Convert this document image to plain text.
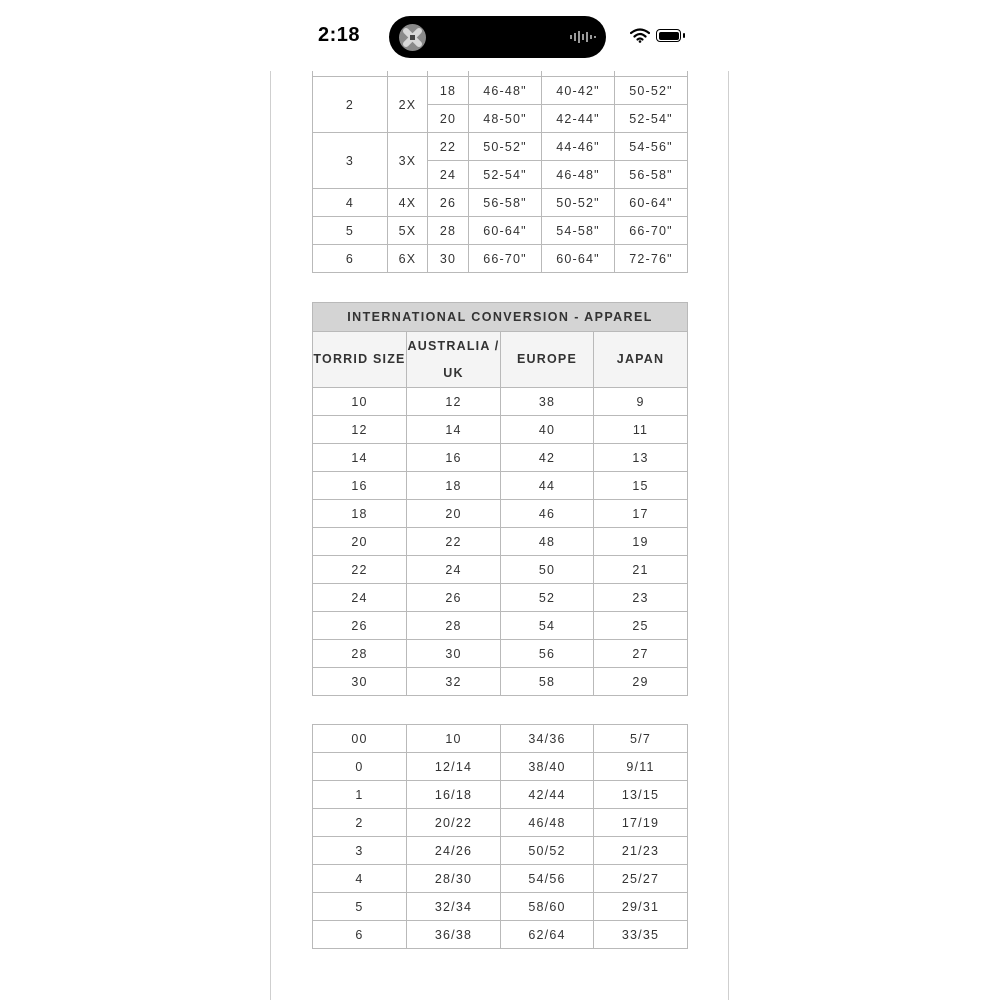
2:18

2	2X	18	46-48"	40-42"	50-52"
		20	48-50"	42-44"	52-54"
3	3X	22	50-52"	44-46"	54-56"
		24	52-54"	46-48"	56-58"
4	4X	26	56-58"	50-52"	60-64"
5	5X	28	60-64"	54-58"	66-70"
6	6X	30	66-70"	60-64"	72-76"
INTERNATIONAL CONVERSION - APPAREL			
TORRID SIZE	AUSTRALIA / UK	EUROPE	JAPAN
10	12	38	9
12	14	40	11
14	16	42	13
16	18	44	15
18	20	46	17
20	22	48	19
22	24	50	21
24	26	52	23
26	28	54	25
28	30	56	27
30	32	58	29
00	10	34/36	5/7
0	12/14	38/40	9/11
1	16/18	42/44	13/15
2	20/22	46/48	17/19
3	24/26	50/52	21/23
4	28/30	54/56	25/27
5	32/34	58/60	29/31
6	36/38	62/64	33/35
